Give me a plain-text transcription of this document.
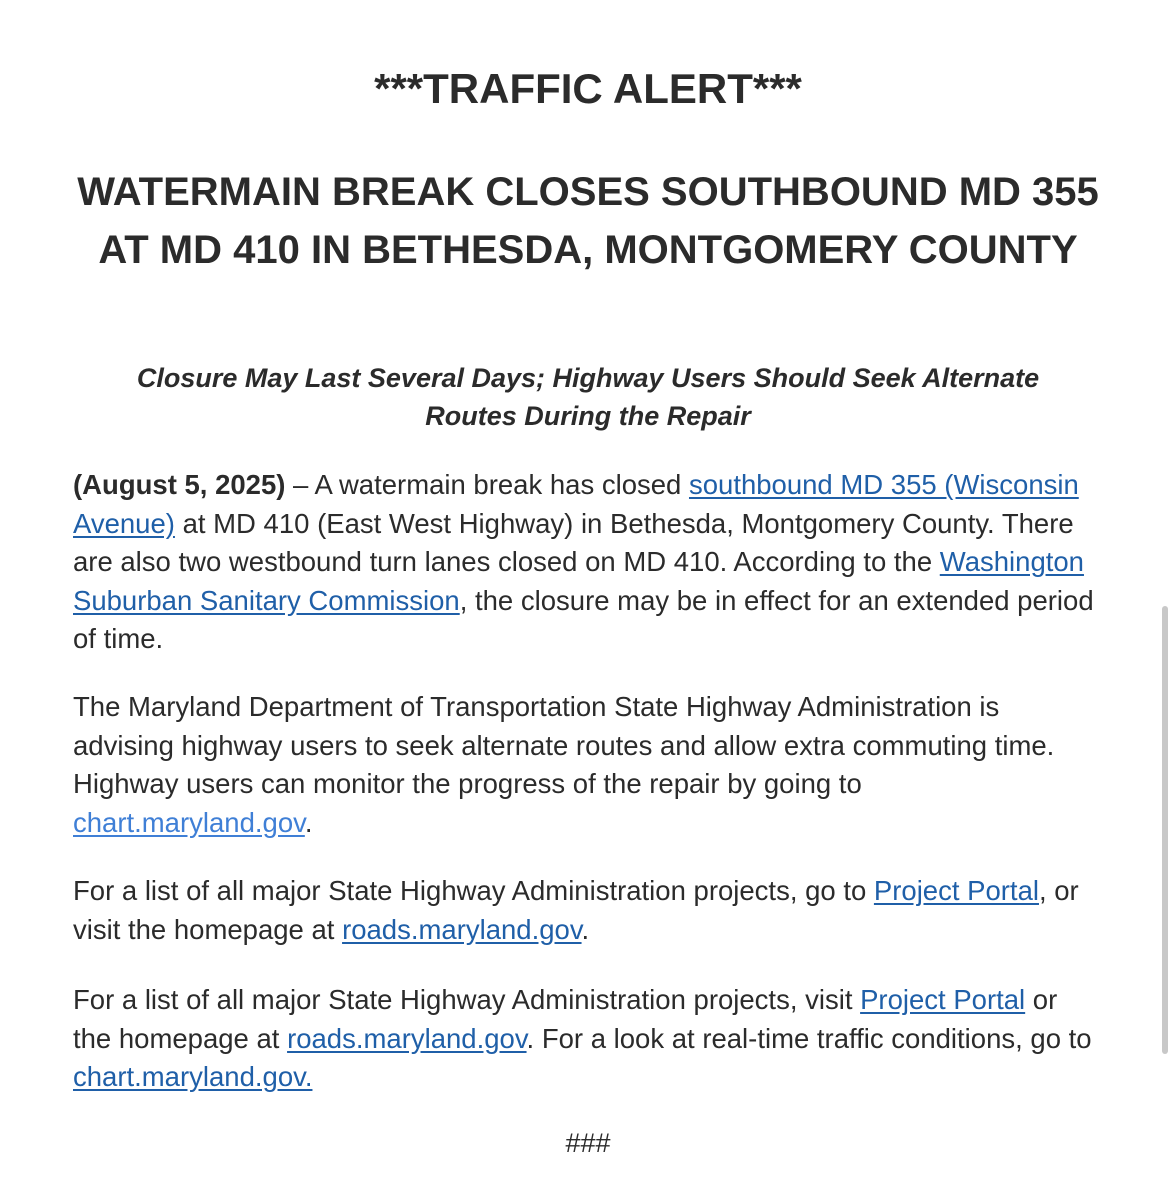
***TRAFFIC ALERT***
WATERMAIN BREAK CLOSES SOUTHBOUND MD 355 AT MD 410 IN BETHESDA, MONTGOMERY COUNTY

Closure May Last Several Days; Highway Users Should Seek Alternate Routes During the Repair

(August 5, 2025) – A watermain break has closed southbound MD 355 (Wisconsin Avenue) at MD 410 (East West Highway) in Bethesda, Montgomery County. There are also two westbound turn lanes closed on MD 410. According to the Washington Suburban Sanitary Commission, the closure may be in effect for an extended period of time.

The Maryland Department of Transportation State Highway Administration is advising highway users to seek alternate routes and allow extra commuting time. Highway users can monitor the progress of the repair by going to chart.maryland.gov.

For a list of all major State Highway Administration projects, go to Project Portal, or visit the homepage at roads.maryland.gov.

For a list of all major State Highway Administration projects, visit Project Portal or the homepage at roads.maryland.gov. For a look at real-time traffic conditions, go to chart.maryland.gov.

###
